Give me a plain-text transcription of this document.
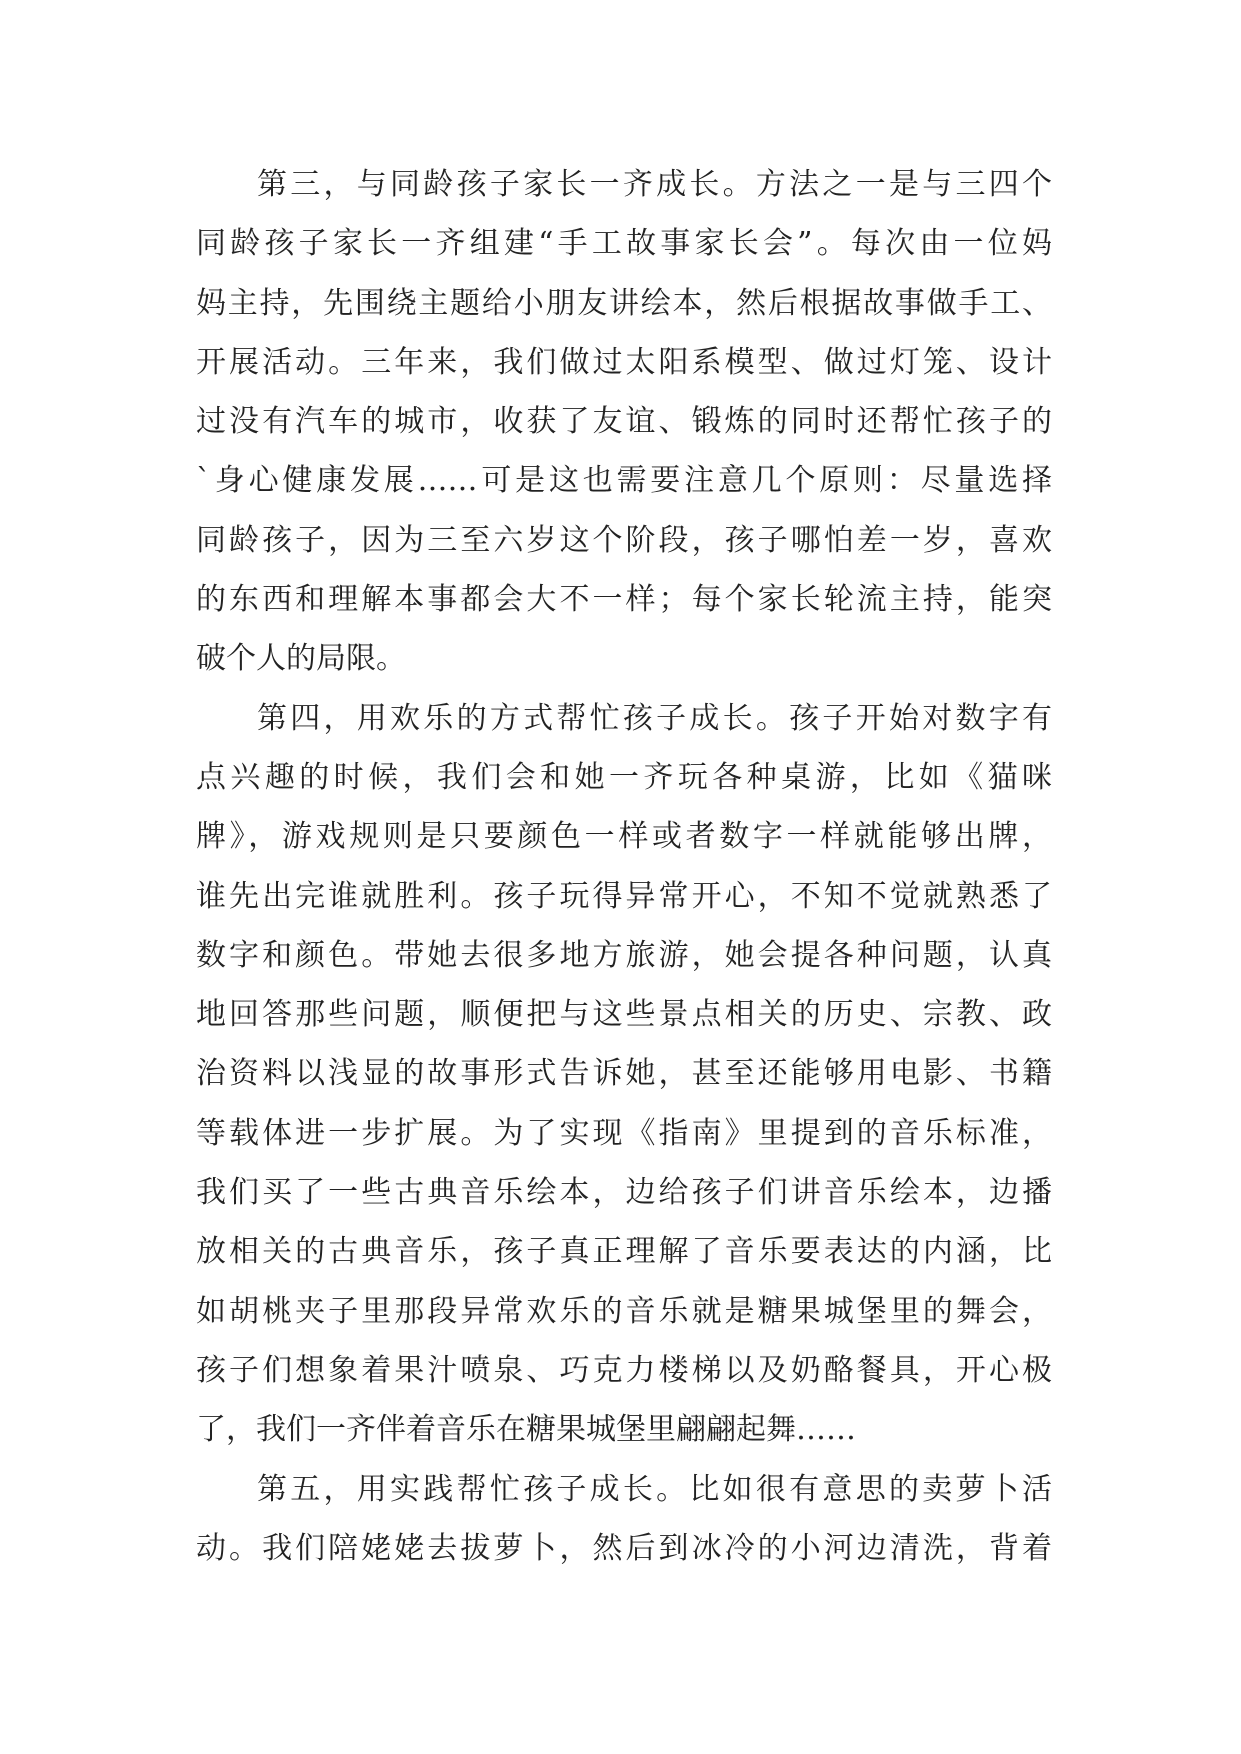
第三，与同龄孩子家长一齐成长。方法之一是与三四个
同龄孩子家长一齐组建“手工故事家长会”。每次由一位妈
妈主持，先围绕主题给小朋友讲绘本，然后根据故事做手工、
开展活动。三年来，我们做过太阳系模型、做过灯笼、设计
过没有汽车的城市，收获了友谊、锻炼的同时还帮忙孩子的
`身心健康发展……可是这也需要注意几个原则：尽量选择
同龄孩子，因为三至六岁这个阶段，孩子哪怕差一岁，喜欢
的东西和理解本事都会大不一样；每个家长轮流主持，能突
破个人的局限。
第四，用欢乐的方式帮忙孩子成长。孩子开始对数字有
点兴趣的时候，我们会和她一齐玩各种桌游，比如《猫咪
牌》，游戏规则是只要颜色一样或者数字一样就能够出牌，
谁先出完谁就胜利。孩子玩得异常开心，不知不觉就熟悉了
数字和颜色。带她去很多地方旅游，她会提各种问题，认真
地回答那些问题，顺便把与这些景点相关的历史、宗教、政
治资料以浅显的故事形式告诉她，甚至还能够用电影、书籍
等载体进一步扩展。为了实现《指南》里提到的音乐标准，
我们买了一些古典音乐绘本，边给孩子们讲音乐绘本，边播
放相关的古典音乐，孩子真正理解了音乐要表达的内涵，比
如胡桃夹子里那段异常欢乐的音乐就是糖果城堡里的舞会，
孩子们想象着果汁喷泉、巧克力楼梯以及奶酪餐具，开心极
了，我们一齐伴着音乐在糖果城堡里翩翩起舞……
第五，用实践帮忙孩子成长。比如很有意思的卖萝卜活
动。我们陪姥姥去拔萝卜，然后到冰冷的小河边清洗，背着
